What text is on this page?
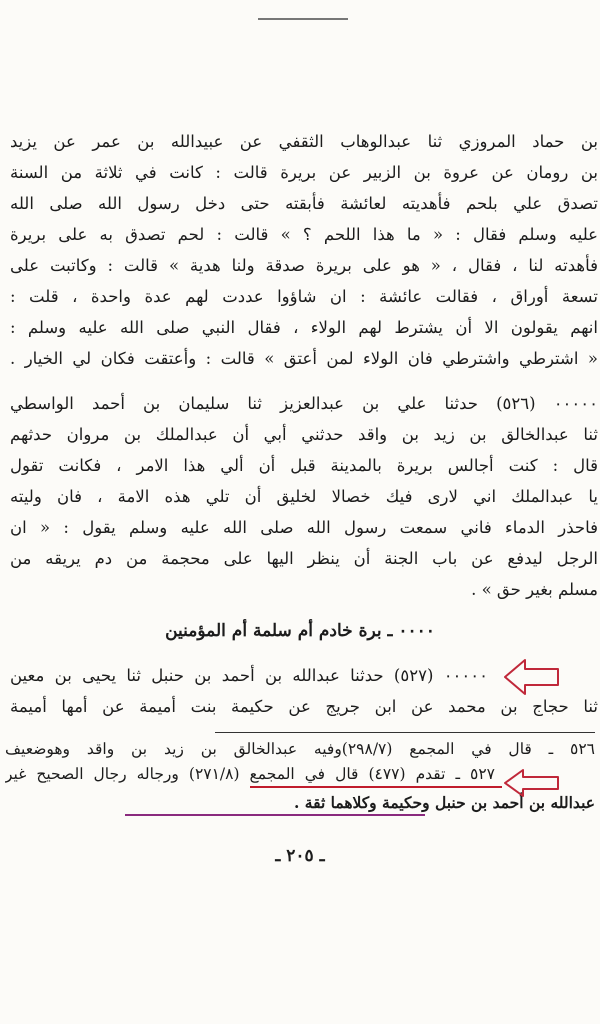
بن حماد المروزي ثنا عبدالوهاب الثقفي عن عبيدالله بن عمر عن يزيد
بن رومان عن عروة بن الزبير عن بريرة قالت : كانت في ثلاثة من السنة
تصدق علي بلحم فأهديته لعائشة فأبقته حتى دخل رسول الله صلى الله
عليه وسلم فقال : « ما هذا اللحم ؟ » قالت : لحم تصدق به على بريرة
فأهدته لنا ، فقال ، « هو على بريرة صدقة ولنا هدية » قالت : وكاتبت على
تسعة أوراق ، فقالت عائشة : ان شاؤوا عددت لهم عدة واحدة ، قلت :
انهم يقولون الا أن يشترط لهم الولاء ، فقال النبي صلى الله عليه وسلم :
« اشترطي واشترطي فان الولاء لمن أعتق » قالت : وأعتقت فكان لي الخيار .
٠٠٠٠٠ (٥٢٦) حدثنا علي بن عبدالعزيز ثنا سليمان بن أحمد الواسطي
ثنا عبدالخالق بن زيد بن واقد حدثني أبي أن عبدالملك بن مروان حدثهم
قال : كنت أجالس بريرة بالمدينة قبل أن ألي هذا الامر ، فكانت تقول
يا عبدالملك اني لارى فيك خصالا لخليق أن تلي هذه الامة ، فان وليته
فاحذر الدماء فاني سمعت رسول الله صلى الله عليه وسلم يقول : « ان
الرجل ليدفع عن باب الجنة أن ينظر اليها على محجمة من دم يريقه من
مسلم بغير حق » .
٠٠٠٠ ـ برة خادم أم سلمة أم المؤمنين
٠٠٠٠٠ (٥٢٧) حدثنا عبدالله بن أحمد بن حنبل ثنا يحيى بن معين
ثنا حجاج بن محمد عن ابن جريج عن حكيمة بنت أميمة عن أمها أميمة
٥٢٦ ـ قال في المجمع (٢٩٨/٧)وفيه عبدالخالق بن زيد بن واقد وهوضعيف
٥٢٧ ـ تقدم (٤٧٧) قال في المجمع (٢٧١/٨) ورجاله رجال الصحيح غير
عبدالله بن أحمد بن حنبل وحكيمة وكلاهما ثقة .
ـ ٢٠٥ ـ
